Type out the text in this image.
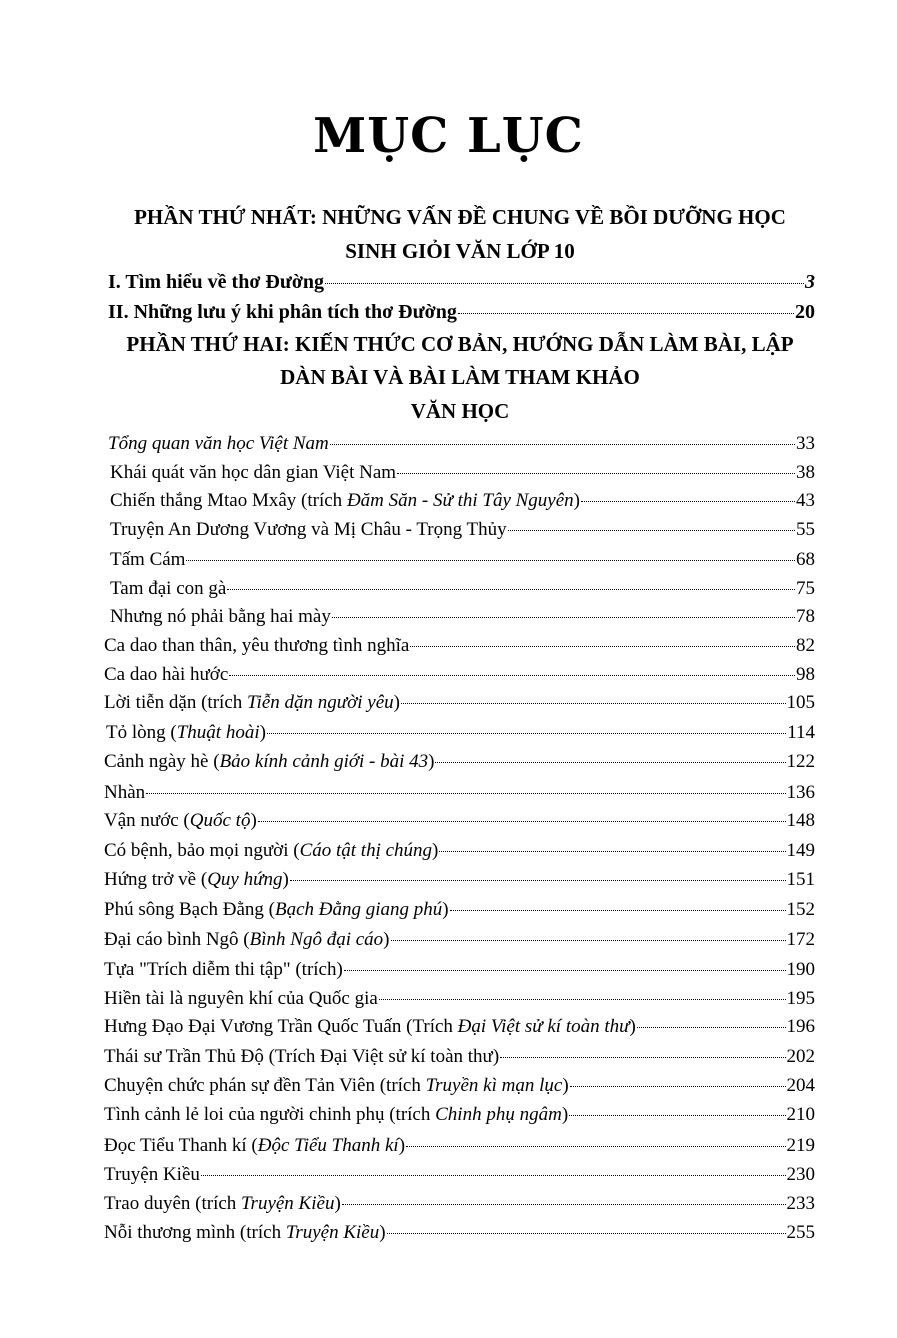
MỤC LỤC
PHẦN THỨ NHẤT: NHỮNG VẤN ĐỀ CHUNG VỀ BỒI DƯỠNG HỌC
SINH GIỎI VĂN LỚP 10
PHẦN THỨ HAI: KIẾN THỨC CƠ BẢN, HƯỚNG DẪN LÀM BÀI, LẬP
DÀN BÀI VÀ BÀI LÀM THAM KHẢO
VĂN HỌC
I. Tìm hiểu về thơ Đường	3
II. Những lưu ý khi phân tích thơ Đường	20
Tổng quan văn học Việt Nam	33
Khái quát văn học dân gian Việt Nam	38
Chiến thắng Mtao Mxây (trích Đăm Săn - Sử thi Tây Nguyên)	43
Truyện An Dương Vương và Mị Châu - Trọng Thủy	55
Tấm Cám	68
Tam đại con gà	75
Nhưng nó phải bằng hai mày	78
Ca dao than thân, yêu thương tình nghĩa	82
Ca dao hài hước	98
Lời tiễn dặn (trích Tiễn dặn người yêu)	105
Tỏ lòng (Thuật hoài)	114
Cảnh ngày hè (Bảo kính cảnh giới - bài 43)	122
Nhàn	136
Vận nước (Quốc tộ)	148
Có bệnh, bảo mọi người (Cáo tật thị chúng)	149
Hứng trở về (Quy hứng)	151
Phú sông Bạch Đằng (Bạch Đằng giang phú)	152
Đại cáo bình Ngô (Bình Ngô đại cáo)	172
Tựa "Trích diễm thi tập" (trích)	190
Hiền tài là nguyên khí của Quốc gia	195
Hưng Đạo Đại Vương Trần Quốc Tuấn (Trích Đại Việt sử kí toàn thư)	196
Thái sư Trần Thủ Độ (Trích Đại Việt sử kí toàn thư)	202
Chuyện chức phán sự đền Tản Viên (trích Truyền kì mạn lục)	204
Tình cảnh lẻ loi của người chinh phụ (trích Chinh phụ ngâm)	210
Đọc Tiểu Thanh kí (Độc Tiểu Thanh kí)	219
Truyện Kiều	230
Trao duyên (trích Truyện Kiều)	233
Nỗi thương mình (trích Truyện Kiều)	255
